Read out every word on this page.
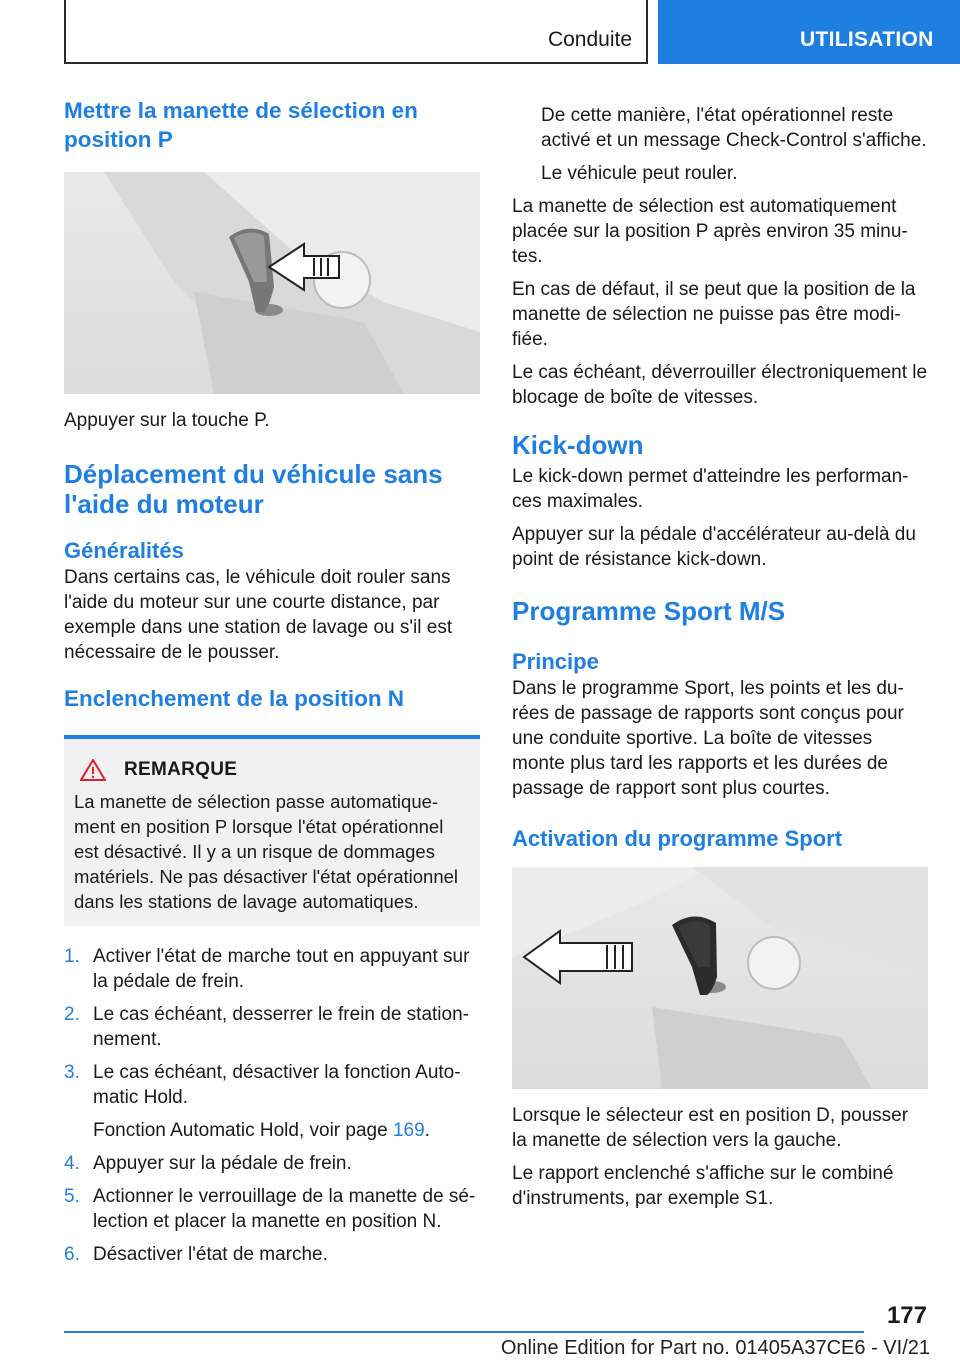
Conduite	UTILISATION
Mettre la manette de sélection en position P

Appuyer sur la touche P.

Déplacement du véhicule sans l'aide du moteur
Généralités

Dans certains cas, le véhicule doit rouler sans l'aide du moteur sur une courte distance, par exemple dans une station de lavage ou s'il est nécessaire de le pousser.

Enclenchement de la position N
REMARQUE

La manette de sélection passe automatiquement en position P lorsque l'état opérationnel est désactivé. Il y a un risque de dommages matériels. Ne pas désactiver l'état opérationnel dans les stations de lavage automatiques.

1. Activer l'état de marche tout en appuyant sur la pédale de frein.
2. Le cas échéant, desserrer le frein de stationnement.
3. Le cas échéant, désactiver la fonction Automatic Hold.
Fonction Automatic Hold, voir page 169.
4. Appuyer sur la pédale de frein.
5. Actionner le verrouillage de la manette de sélection et placer la manette en position N.
6. Désactiver l'état de marche.

De cette manière, l'état opérationnel reste activé et un message Check-Control s'affiche.

Le véhicule peut rouler.

La manette de sélection est automatiquement placée sur la position P après environ 35 minutes.

En cas de défaut, il se peut que la position de la manette de sélection ne puisse pas être modifiée.

Le cas échéant, déverrouiller électroniquement le blocage de boîte de vitesses.

Kick-down

Le kick-down permet d'atteindre les performances maximales.

Appuyer sur la pédale d'accélérateur au-delà du point de résistance kick-down.

Programme Sport M/S
Principe

Dans le programme Sport, les points et les durées de passage de rapports sont conçus pour une conduite sportive. La boîte de vitesses monte plus tard les rapports et les durées de passage de rapport sont plus courtes.

Activation du programme Sport

Lorsque le sélecteur est en position D, pousser la manette de sélection vers la gauche.

Le rapport enclenché s'affiche sur le combiné d'instruments, par exemple S1.

177
Online Edition for Part no. 01405A37CE6 - VI/21
